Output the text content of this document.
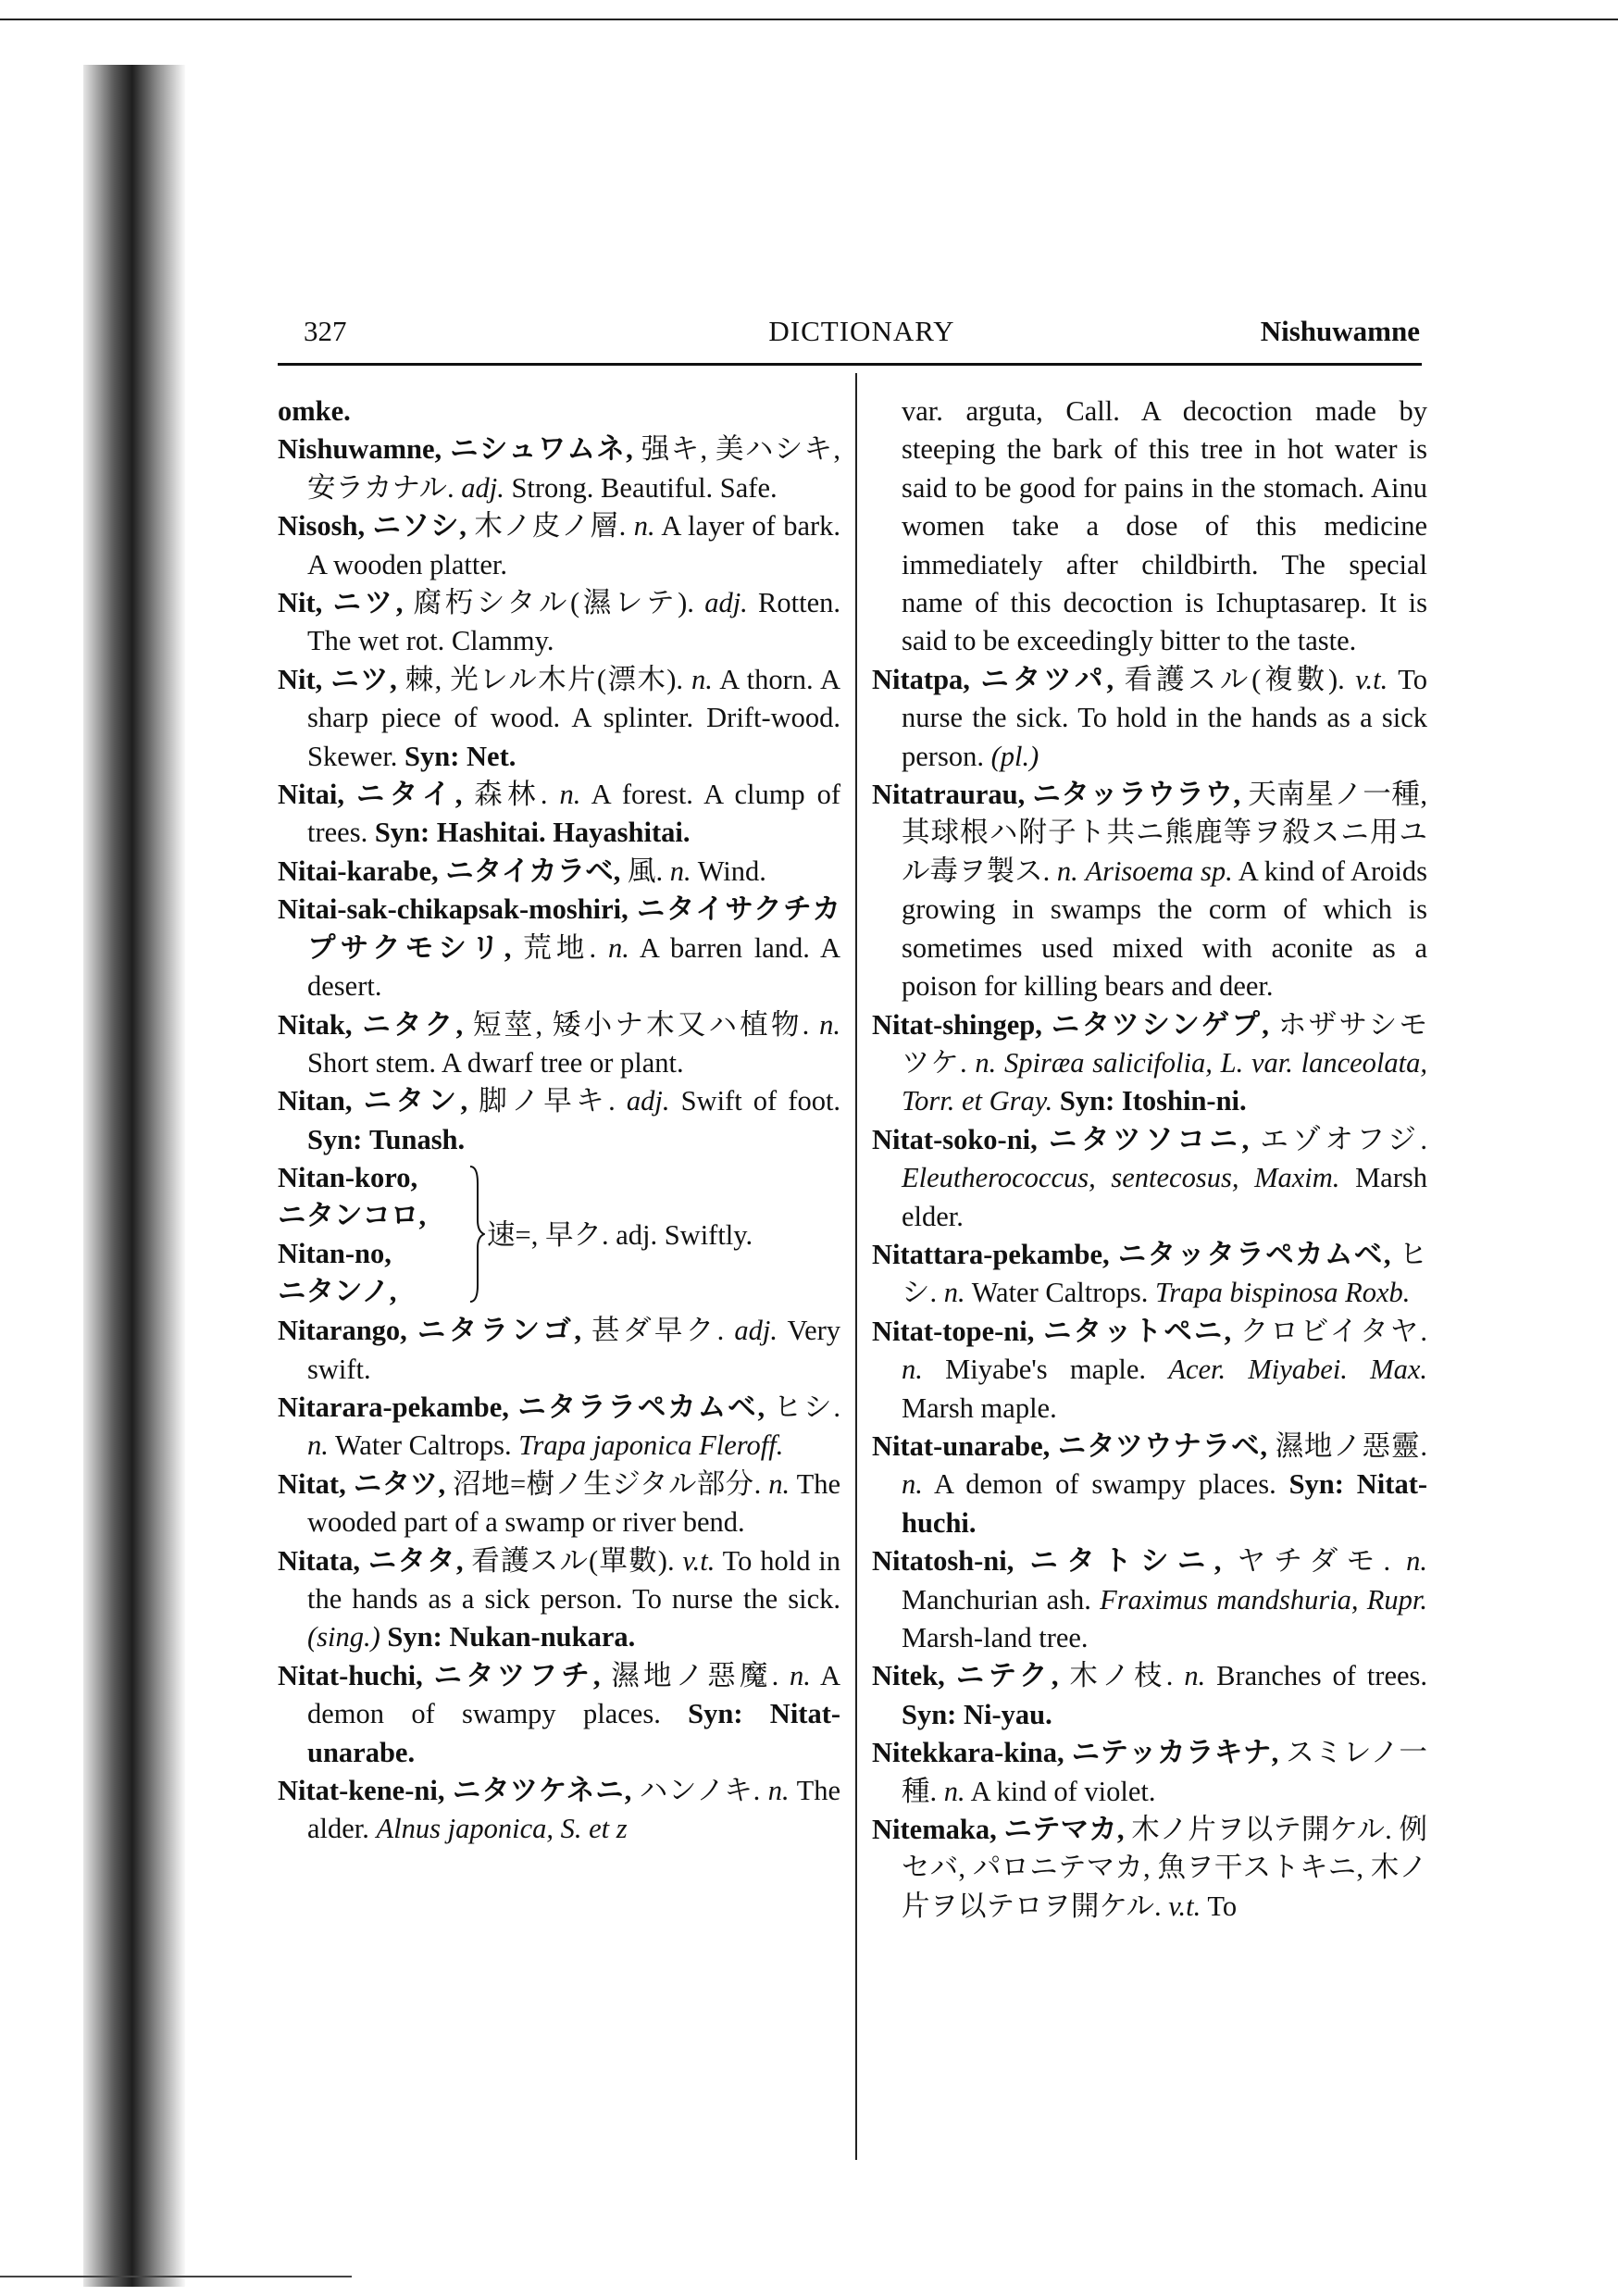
327	DICTIONARY	Nishuwamne
omke.
Nishuwamne, ニシュワムネ, 强キ, 美ハシキ, 安ラカナル. adj. Strong. Beautiful. Safe.
Nisosh, ニソシ, 木ノ皮ノ層. n. A layer of bark. A wooden platter.
Nit, ニツ, 腐朽シタル(濕レテ). adj. Rotten. The wet rot. Clammy.
Nit, ニツ, 棘, 光レル木片(漂木). n. A thorn. A sharp piece of wood. A splinter. Drift-wood. Skewer. Syn: Net.
Nitai, ニタイ, 森林. n. A forest. A clump of trees. Syn: Hashitai. Hayashitai.
Nitai-karabe, ニタイカラベ, 風. n. Wind.
Nitai-sak-chikapsak-moshiri, ニタイサクチカプサクモシリ, 荒地. n. A barren land. A desert.
Nitak, ニタク, 短莖, 矮小ナ木又ハ植物. n. Short stem. A dwarf tree or plant.
Nitan, ニタン, 脚ノ早キ. adj. Swift of foot. Syn: Tunash.
Nitan-koro,
ニタンコロ,
Nitan-no,
ニタンノ,
速=, 早ク. adj. Swiftly.
Nitarango, ニタランゴ, 甚ダ早ク. adj. Very swift.
Nitarara-pekambe, ニタララペカムベ, ヒシ. n. Water Caltrops. Trapa japonica Fleroff.
Nitat, ニタツ, 沼地=樹ノ生ジタル部分. n. The wooded part of a swamp or river bend.
Nitata, ニタタ, 看護スル(單數). v.t. To hold in the hands as a sick person. To nurse the sick. (sing.) Syn: Nukan-nukara.
Nitat-huchi, ニタツフチ, 濕地ノ惡魔. n. A demon of swampy places. Syn: Nitat-unarabe.
Nitat-kene-ni, ニタツケネニ, ハンノキ. n. The alder. Alnus japonica, S. et z
var. arguta, Call. A decoction made by steeping the bark of this tree in hot water is said to be good for pains in the stomach. Ainu women take a dose of this medicine immediately after childbirth. The special name of this decoction is Ichuptasarep. It is said to be exceedingly bitter to the taste.
Nitatpa, ニタツパ, 看護スル(複數). v.t. To nurse the sick. To hold in the hands as a sick person. (pl.)
Nitatraurau, ニタッラウラウ, 天南星ノ一種, 其球根ハ附子ト共ニ熊鹿等ヲ殺スニ用ユル毒ヲ製ス. n. Arisoema sp. A kind of Aroids growing in swamps the corm of which is sometimes used mixed with aconite as a poison for killing bears and deer.
Nitat-shingep, ニタツシンゲプ, ホザサシモツケ. n. Spiræa salicifolia, L. var. lanceolata, Torr. et Gray. Syn: Itoshin-ni.
Nitat-soko-ni, ニタツソコニ, エゾオフジ. Eleutherococcus, sentecosus, Maxim. Marsh elder.
Nitattara-pekambe, ニタッタラペカムベ, ヒシ. n. Water Caltrops. Trapa bispinosa Roxb.
Nitat-tope-ni, ニタットペニ, クロビイタヤ. n. Miyabe's maple. Acer. Miyabei. Max. Marsh maple.
Nitat-unarabe, ニタツウナラベ, 濕地ノ惡靈. n. A demon of swampy places. Syn: Nitat-huchi.
Nitatosh-ni, ニタトシニ, ヤチダモ. n. Manchurian ash. Fraximus mandshuria, Rupr. Marsh-land tree.
Nitek, ニテク, 木ノ枝. n. Branches of trees. Syn: Ni-yau.
Nitekkara-kina, ニテッカラキナ, スミレノ一種. n. A kind of violet.
Nitemaka, ニテマカ, 木ノ片ヲ以テ開ケル. 例セバ, パロニテマカ, 魚ヲ干ストキニ, 木ノ片ヲ以テロヲ開ケル. v.t. To
